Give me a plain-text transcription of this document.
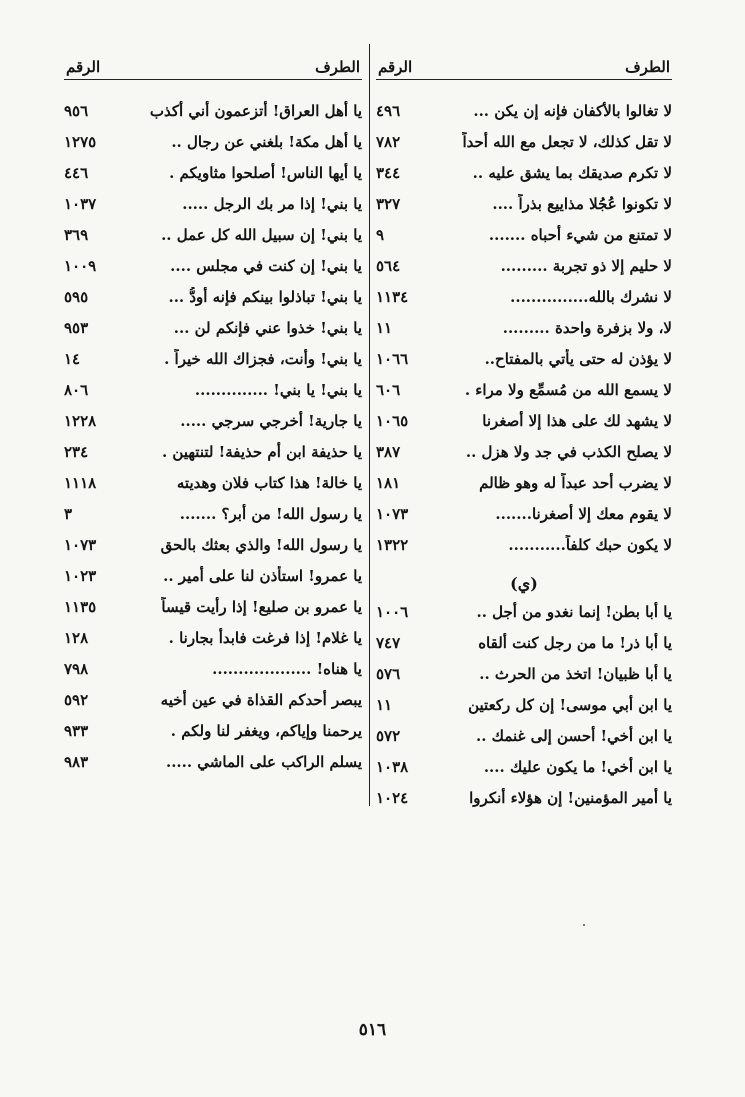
الطرف
الرقم
لا تغالوا بالأكفان فإنه إن يكن ...
٤٩٦
لا تقل كذلك، لا تجعل مع الله أحداً
٧٨٢
لا تكرم صديقك بما يشق عليه ..
٣٤٤
لا تكونوا عُجُلا مذاييع بذراً ....
٣٢٧
لا تمتنع من شيء أحباه .......
٩
لا حليم إلا ذو تجربة .........
٥٦٤
لا نشرك بالله...............
١١٣٤
لا، ولا بزفرة واحدة .........
١١
لا يؤذن له حتى يأتي بالمفتاح..
١٠٦٦
لا يسمع الله من مُسمِّع ولا مراء .
٦٠٦
لا يشهد لك على هذا إلا أصغرنا
١٠٦٥
لا يصلح الكذب في جد ولا هزل ..
٣٨٧
لا يضرب أحد عبداً له وهو ظالم
١٨١
لا يقوم معك إلا أصغرنا.......
١٠٧٣
لا يكون حبك كلفاً...........
١٣٢٢
(ي)
يا أبا بطن! إنما نغدو من أجل ..
١٠٠٦
يا أبا ذر! ما من رجل كنت ألقاه
٧٤٧
يا أبا ظبيان! اتخذ من الحرث ..
٥٧٦
يا ابن أبي موسى! إن كل ركعتين
١١
يا ابن أخي! أحسن إلى غنمك ..
٥٧٢
يا ابن أخي! ما يكون عليك ....
١٠٣٨
يا أمير المؤمنين! إن هؤلاء أنكروا
١٠٢٤
الطرف
الرقم
يا أهل العراق! أتزعمون أني أكذب
٩٥٦
يا أهل مكة! بلغني عن رجال ..
١٢٧٥
يا أيها الناس! أصلحوا مثاويكم .
٤٤٦
يا بني! إذا مر بك الرجل .....
١٠٣٧
يا بني! إن سبيل الله كل عمل ..
٣٦٩
يا بني! إن كنت في مجلس ....
١٠٠٩
يا بني! تباذلوا بينكم فإنه أودُّ ...
٥٩٥
يا بني! خذوا عني فإنكم لن ...
٩٥٣
يا بني! وأنت، فجزاك الله خيراً .
١٤
يا بني! يا بني! ..............
٨٠٦
يا جارية! أخرجي سرجي .....
١٢٢٨
يا حذيفة ابن أم حذيفة! لتنتهين .
٢٣٤
يا خالة! هذا كتاب فلان وهديته
١١١٨
يا رسول الله! من أبر؟ .......
٣
يا رسول الله! والذي بعثك بالحق
١٠٧٣
يا عمرو! استأذن لنا على أمير ..
١٠٢٣
يا عمرو بن صليع! إذا رأيت قيساً
١١٣٥
يا غلام! إذا فرغت فابدأ بجارنا .
١٢٨
يا هناه! ...................
٧٩٨
يبصر أحدكم القذاة في عين أخيه
٥٩٢
يرحمنا وإياكم، ويغفر لنا ولكم .
٩٣٣
يسلم الراكب على الماشي .....
٩٨٣
٥١٦
